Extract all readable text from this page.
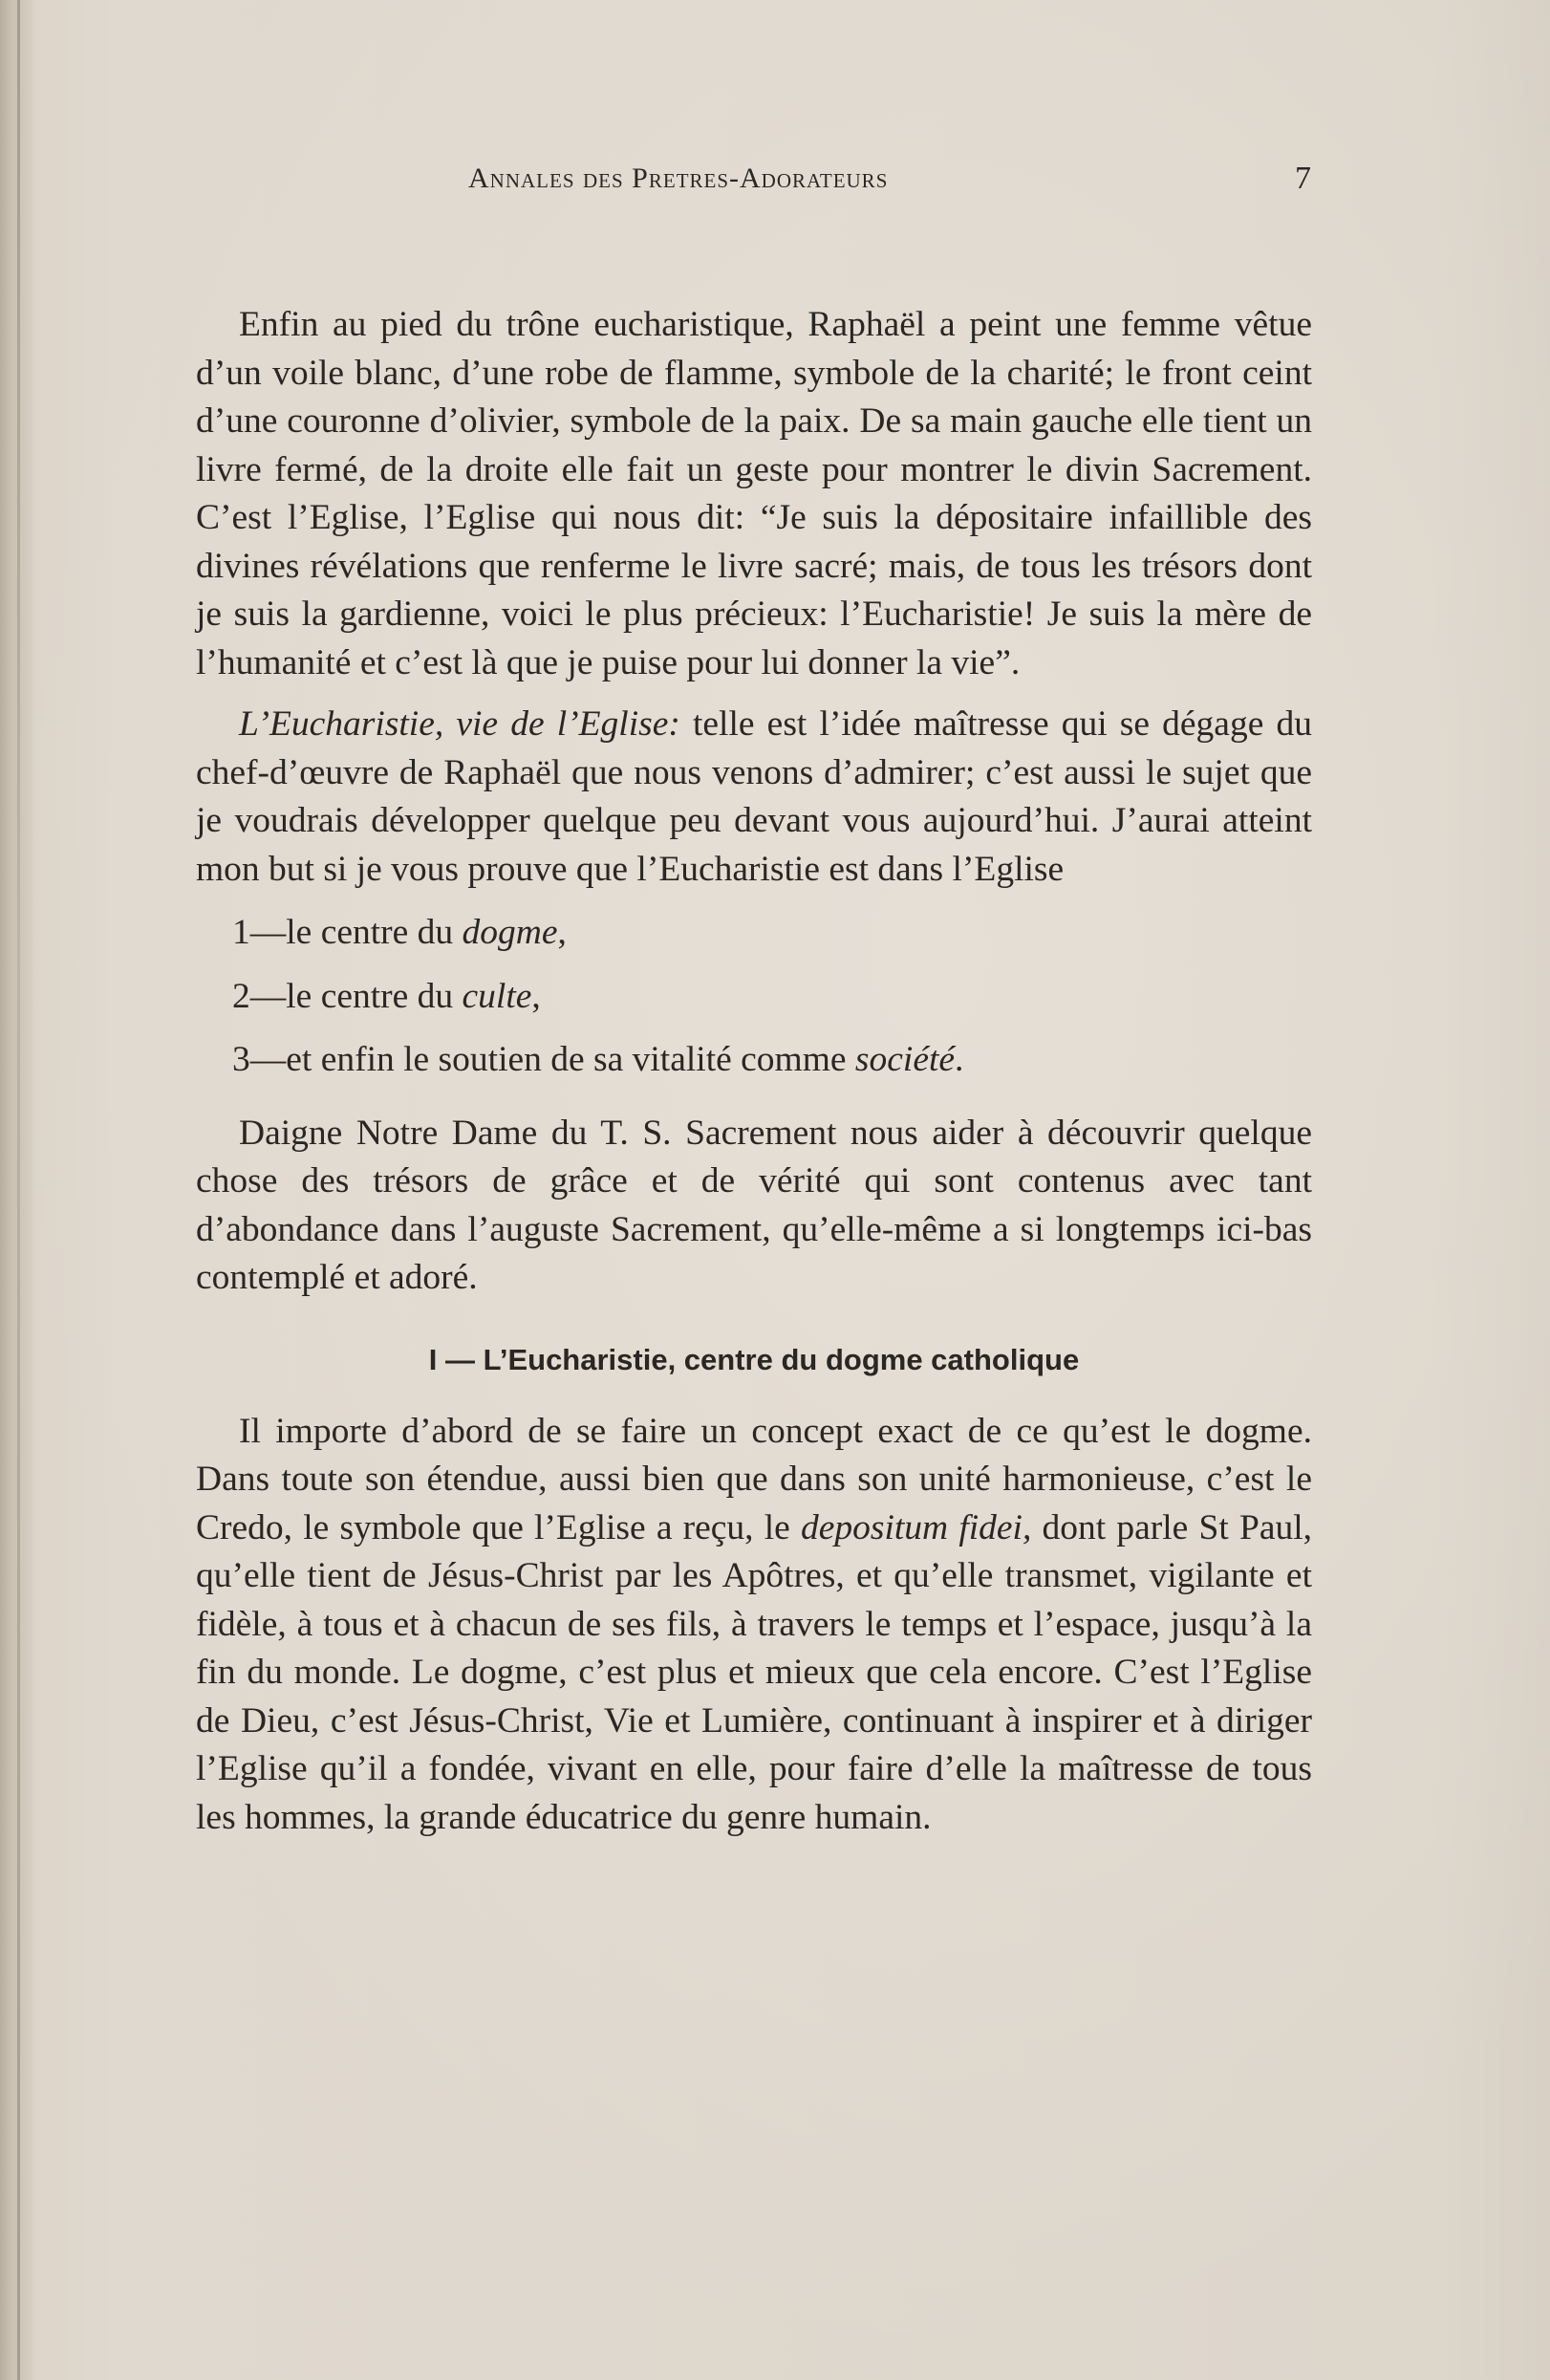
Annales des Pretres-Adorateurs	7

Enfin au pied du trône eucharistique, Raphaël a peint une femme vêtue d’un voile blanc, d’une robe de flamme, symbole de la charité; le front ceint d’une couronne d’olivier, symbole de la paix. De sa main gauche elle tient un livre fermé, de la droite elle fait un geste pour montrer le divin Sacrement. C’est l’Eglise, l’Eglise qui nous dit: “Je suis la dépositaire infaillible des divines révélations que renferme le livre sacré; mais, de tous les trésors dont je suis la gardienne, voici le plus précieux: l’Eucharistie! Je suis la mère de l’humanité et c’est là que je puise pour lui donner la vie”.

L’Eucharistie, vie de l’Eglise: telle est l’idée maîtresse qui se dégage du chef-d’œuvre de Raphaël que nous venons d’admirer; c’est aussi le sujet que je voudrais développer quelque peu devant vous aujourd’hui. J’aurai atteint mon but si je vous prouve que l’Eucharistie est dans l’Eglise

1—le centre du dogme,
2—le centre du culte,
3—et enfin le soutien de sa vitalité comme société.

Daigne Notre Dame du T. S. Sacrement nous aider à découvrir quelque chose des trésors de grâce et de vérité qui sont contenus avec tant d’abondance dans l’auguste Sacrement, qu’elle-même a si longtemps ici-bas contemplé et adoré.

I — L’Eucharistie, centre du dogme catholique

Il importe d’abord de se faire un concept exact de ce qu’est le dogme. Dans toute son étendue, aussi bien que dans son unité harmonieuse, c’est le Credo, le symbole que l’Eglise a reçu, le depositum fidei, dont parle St Paul, qu’elle tient de Jésus-Christ par les Apôtres, et qu’elle transmet, vigilante et fidèle, à tous et à chacun de ses fils, à travers le temps et l’espace, jusqu’à la fin du monde. Le dogme, c’est plus et mieux que cela encore. C’est l’Eglise de Dieu, c’est Jésus-Christ, Vie et Lumière, continuant à inspirer et à diriger l’Eglise qu’il a fondée, vivant en elle, pour faire d’elle la maîtresse de tous les hommes, la grande éducatrice du genre humain.
